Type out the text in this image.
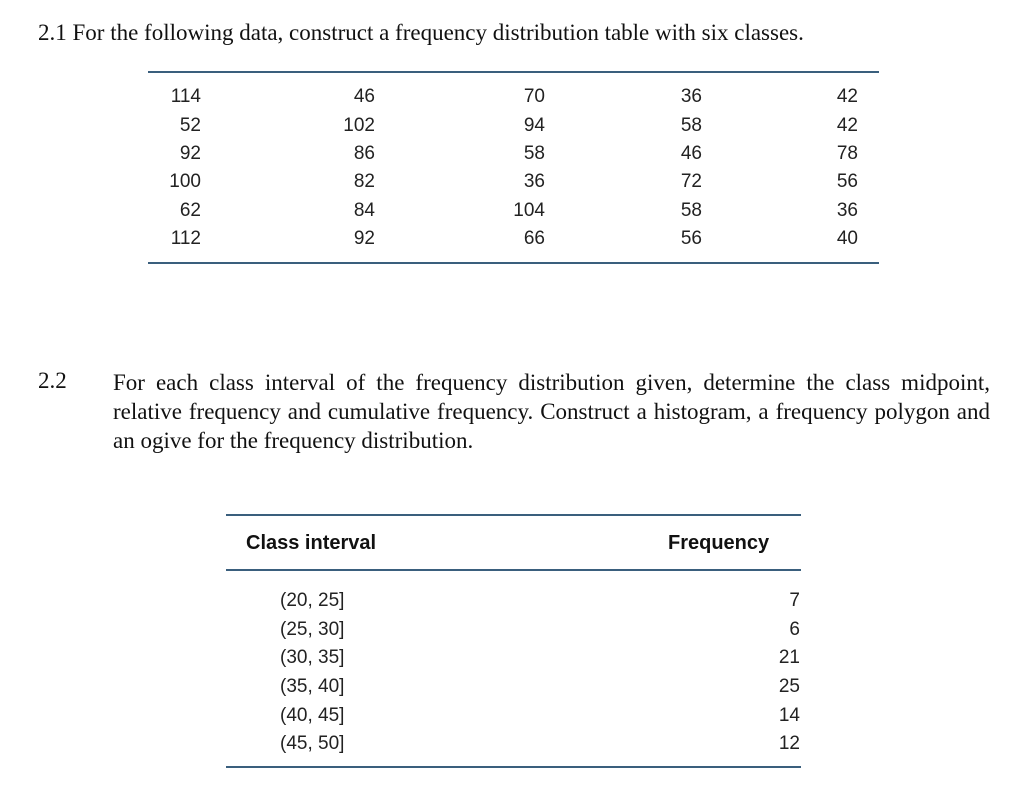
2.1 For the following data, construct a frequency distribution table with six classes.
114	46	70	36	42
52	102	94	58	42
92	86	58	46	78
100	82	36	72	56
62	84	104	58	36
112	92	66	56	40
2.2 For each class interval of the frequency distribution given, determine the class midpoint, relative frequency and cumulative frequency. Construct a histogram, a frequency polygon and an ogive for the frequency distribution.
Class interval	Frequency
(20, 25]	7
(25, 30]	6
(30, 35]	21
(35, 40]	25
(40, 45]	14
(45, 50]	12
